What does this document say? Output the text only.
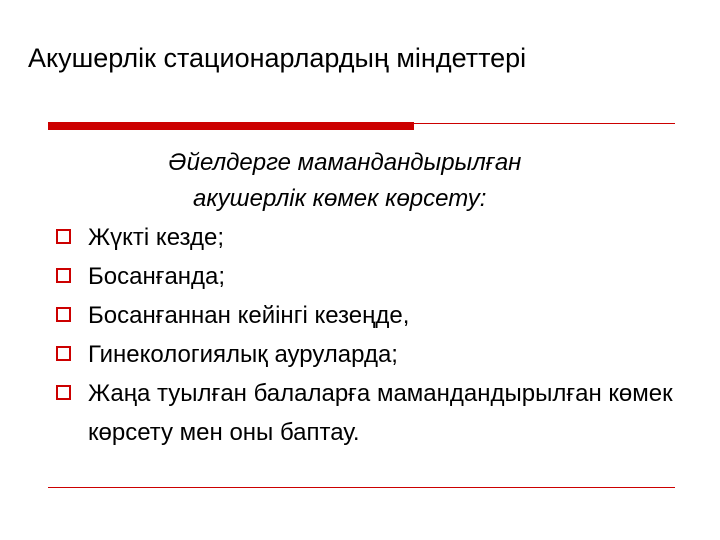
Акушерлік стационарлардың міндеттері
Әйелдерге мамандандырылған
акушерлік көмек көрсету:
Жүкті кезде;
Босанғанда;
Босанғаннан кейінгі кезеңде,
Гинекологиялық ауруларда;
Жаңа туылған балаларға мамандандырылған көмек көрсету мен оны баптау.
